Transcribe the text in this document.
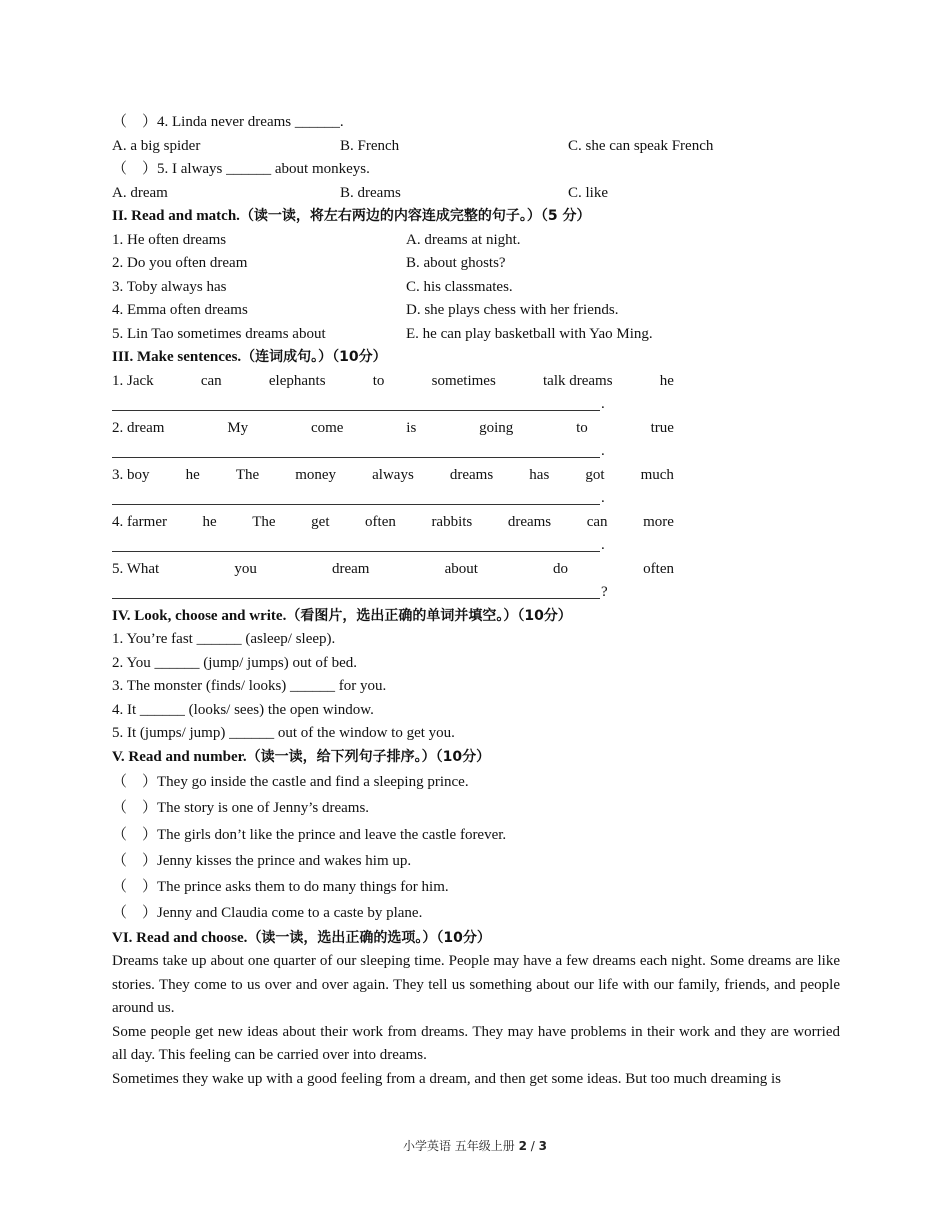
（　）4. Linda never dreams ______.
A. a big spider	B. French	C. she can speak French
（　）5. I always ______ about monkeys.
A. dream	B. dreams	C. like
II. Read and match.（读一读，将左右两边的内容连成完整的句子。）（5 分）
1. He often dreams	A. dreams at night.
2. Do you often dream	B. about ghosts?
3. Toby always has	C. his classmates.
4. Emma often dreams	D. she plays chess with her friends.
5. Lin Tao sometimes dreams about	E. he can play basketball with Yao Ming.
III. Make sentences.（连词成句。）（10分）
1. Jack	can	elephants	to	sometimes	talk dreams	he
.
2. dream	My	come	is	going	to	true
.
3. boy he The money always dreams has got much
.
4. farmer he The get often rabbits dreams can more
.
5. What	you	dream	about	do	often
?
IV. Look, choose and write.（看图片，选出正确的单词并填空。）（10分）
1. You’re fast ______ (asleep/ sleep).
2. You ______ (jump/ jumps) out of bed.
3. The monster (finds/ looks) ______ for you.
4. It ______ (looks/ sees) the open window.
5. It (jumps/ jump) ______ out of the window to get you.
V. Read and number.（读一读，给下列句子排序。）（10分）
（　）They go inside the castle and find a sleeping prince.
（　）The story is one of Jenny’s dreams.
（　）The girls don’t like the prince and leave the castle forever.
（　）Jenny kisses the prince and wakes him up.
（　）The prince asks them to do many things for him.
（　）Jenny and Claudia come to a caste by plane.
VI. Read and choose.（读一读，选出正确的选项。）（10分）
Dreams take up about one quarter of our sleeping time. People may have a few dreams each night. Some dreams are like stories. They come to us over and over again. They tell us something about our life with our family, friends, and people around us.
Some people get new ideas about their work from dreams. They may have problems in their work and they are worried all day. This feeling can be carried over into dreams.
Sometimes they wake up with a good feeling from a dream, and then get some ideas. But too much dreaming is
小学英语 五年级上册 2 / 3
